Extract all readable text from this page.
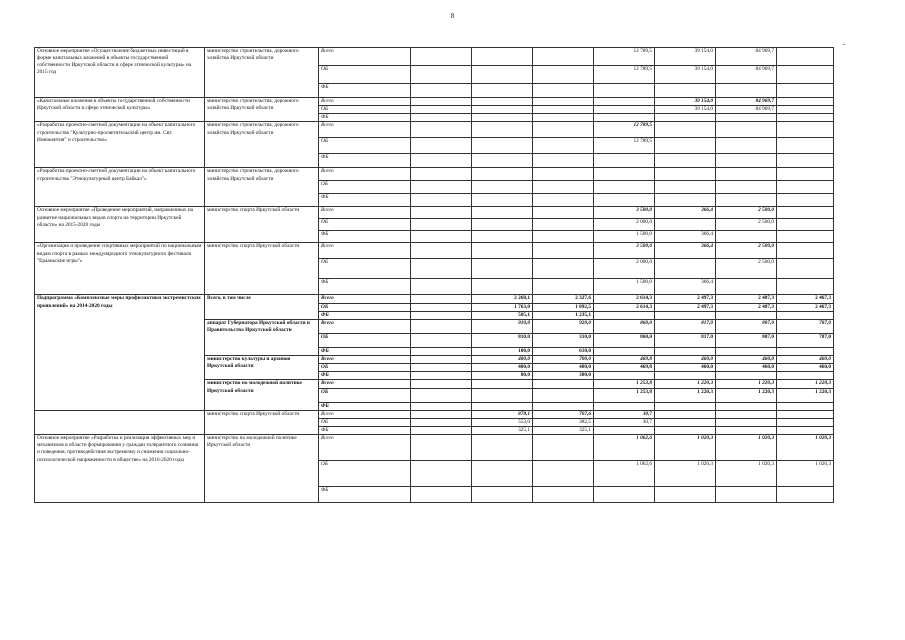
8
-
Основное мероприятие «Осуществление бюджетных инвестиций в форме капитальных вложений в объекты государственной собственности Иркутской области в сфере этнической культуры» на 2015 год	министерство строительства, дорожного хозяйства Иркутской области	Всего				12 789,5	39 154,0	84 969,7		
		ОБ				12 789,5	39 154,0	84 969,7		
		ФБ								
«Капитальные вложения в объекты государственной собственности Иркутской области в сфере этнической культуры»	министерство строительства, дорожного хозяйства Иркутской области	Всего					39 154,0	84 969,7		
		ОБ					39 154,0	84 969,7		
		ФБ								
«Разработка проектно-сметной документации на объект капитального строительства "Культурно-просветительский центр им. Свт. Иннокентия" и строительство»	министерство строительства, дорожного хозяйства Иркутской области	Всего				12 789,5				
		ОБ				12 789,5				
		ФБ								
«Разработка проектно-сметной документации на объект капитального строительства "Этнокультурный центр Байкал"»	министерство строительства, дорожного хозяйства Иркутской области	Всего								
		ОБ								
		ФБ								
Основное мероприятие «Проведение мероприятий, направленных на развитие национальных видов спорта на территории Иркутской области» на 2015-2020 годы	министерство спорта Иркутской области	Всего				3 500,0	366,4	2 500,0		
		ОБ				2 000,0		2 500,0		
		ФБ				1 500,0	366,4			
«Организация и проведение спортивных мероприятий по национальным видам спорта в рамках международного этнокультурного фестиваля "Ерааньские игры"»	министерство спорта Иркутской области	Всего				3 500,0	366,4	2 500,0		
		ОБ				2 000,0		2 500,0		
		ФБ				1 500,0	366,4			
Подпрограмма «Комплексные меры профилактики экстремистских проявлений» на 2014-2020 годы	Всего, в том числе	Всего		2 268,1	2 327,6	2 614,3	2 497,3	2 487,3	2 467,3	
		ОБ		1 763,0	1 092,5	2 614,3	2 497,3	2 487,3	2 467,3	
		ФБ		505,1	1 235,1					
	аппарат Губернатора Иркутской области и Правительства Иркутской области	Всего		910,0	920,0	860,0	817,0	807,0	787,0	
		ОБ		810,0	310,0	860,0	817,0	807,0	787,0	
		ФБ		100,0	610,0					
	министерство культуры и архивов Иркутской области	Всего		480,0	700,0	469,8	460,0	460,0	460,0	
		ОБ		400,0	400,0	469,8	460,0	460,0	460,0	
		ФБ		80,0	300,0					
	министерство по молодежной политике Иркутской области	Всего				1 253,8	1 220,3	1 220,3	1 220,3	
		ОБ				1 253,8	1 220,3	1 220,3	1 220,3	
		ФБ								
	министерство спорта Иркутской области	Всего		878,1	707,6	30,7				
		ОБ		553,0	382,5	30,7				
		ФБ		325,1	325,1					
Основное мероприятие «Разработка и реализация эффективных мер и механизмов в области формирования у граждан толерантного сознания и поведения, противодействия экстремизму и снижения социально-психологической напряженности в обществе» на 2016-2020 годы	министерство по молодежной политике Иркутской области	Всего				1 062,6	1 020,3	1 020,3	1 020,3	
		ОБ				1 062,6	1 020,3	1 020,3	1 020,3	
		ФБ								
